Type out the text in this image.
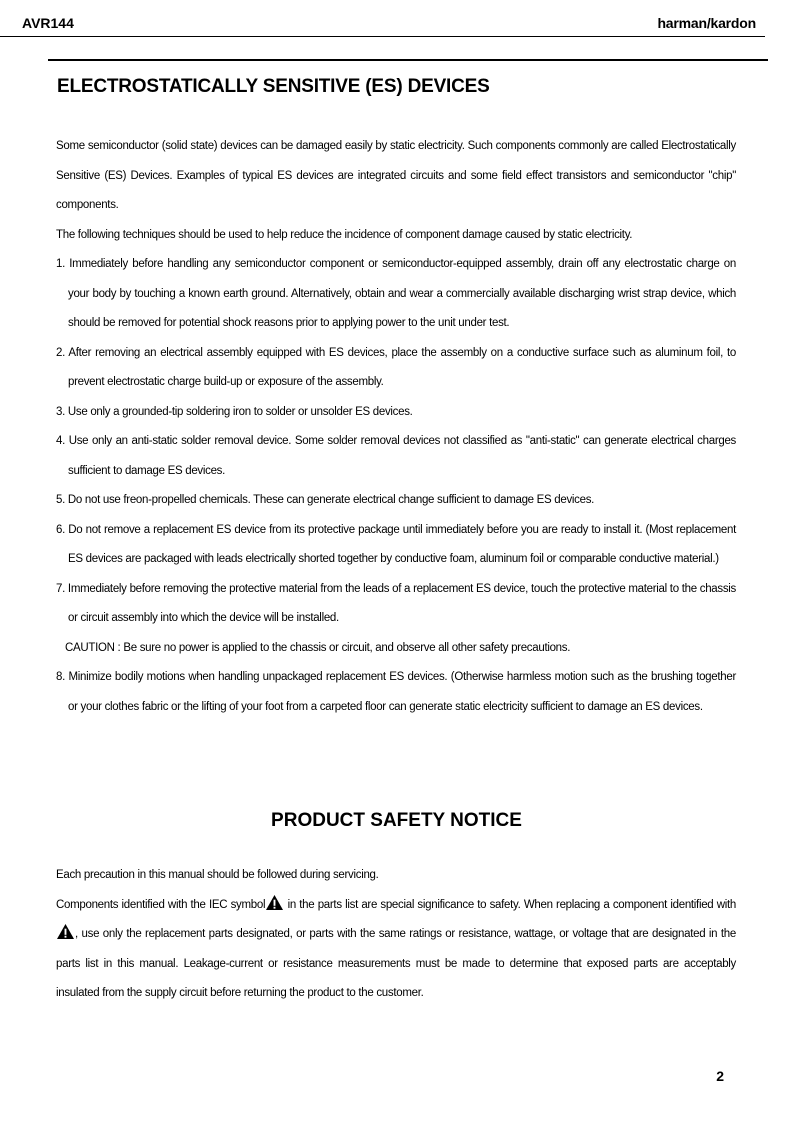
AVR144	harman/kardon
ELECTROSTATICALLY SENSITIVE (ES) DEVICES

Some semiconductor (solid state) devices can be damaged easily by static electricity. Such components commonly are called Electrostatically Sensitive (ES) Devices. Examples of typical ES devices are integrated circuits and some field effect transistors and semiconductor "chip" components.

The following techniques should be used to help reduce the incidence of component damage caused by static electricity.

1. Immediately before handling any semiconductor component or semiconductor-equipped assembly, drain off any electrostatic charge on your body by touching a known earth ground. Alternatively, obtain and wear a commercially available discharging wrist strap device, which should be removed for potential shock reasons prior to applying power to the unit under test.

2. After removing an electrical assembly equipped with ES devices, place the assembly on a conductive surface such as aluminum foil, to prevent electrostatic charge build-up or exposure of the assembly.

3. Use only a grounded-tip soldering iron to solder or unsolder ES devices.

4. Use only an anti-static solder removal device. Some solder removal devices not classified as "anti-static" can generate electrical charges sufficient to damage ES devices.

5. Do not use freon-propelled chemicals. These can generate electrical change sufficient to damage ES devices.

6. Do not remove a replacement ES device from its protective package until immediately before you are ready to install it. (Most replacement ES devices are packaged with leads electrically shorted together by conductive foam, aluminum foil or comparable conductive material.)

7. Immediately before removing the protective material from the leads of a replacement ES device, touch the protective material to the chassis or circuit assembly into which the device will be installed.

CAUTION : Be sure no power is applied to the chassis or circuit, and observe all other safety precautions.

8. Minimize bodily motions when handling unpackaged replacement ES devices. (Otherwise harmless motion such as the brushing together or your clothes fabric or the lifting of your foot from a carpeted floor can generate static electricity sufficient to damage an ES devices.

PRODUCT SAFETY NOTICE

Each precaution in this manual should be followed during servicing.

Components identified with the IEC symbol in the parts list are special significance to safety. When replacing a component identified with , use only the replacement parts designated, or parts with the same ratings or resistance, wattage, or voltage that are designated in the parts list in this manual. Leakage-current or resistance measurements must be made to determine that exposed parts are acceptably insulated from the supply circuit before returning the product to the customer.

2
